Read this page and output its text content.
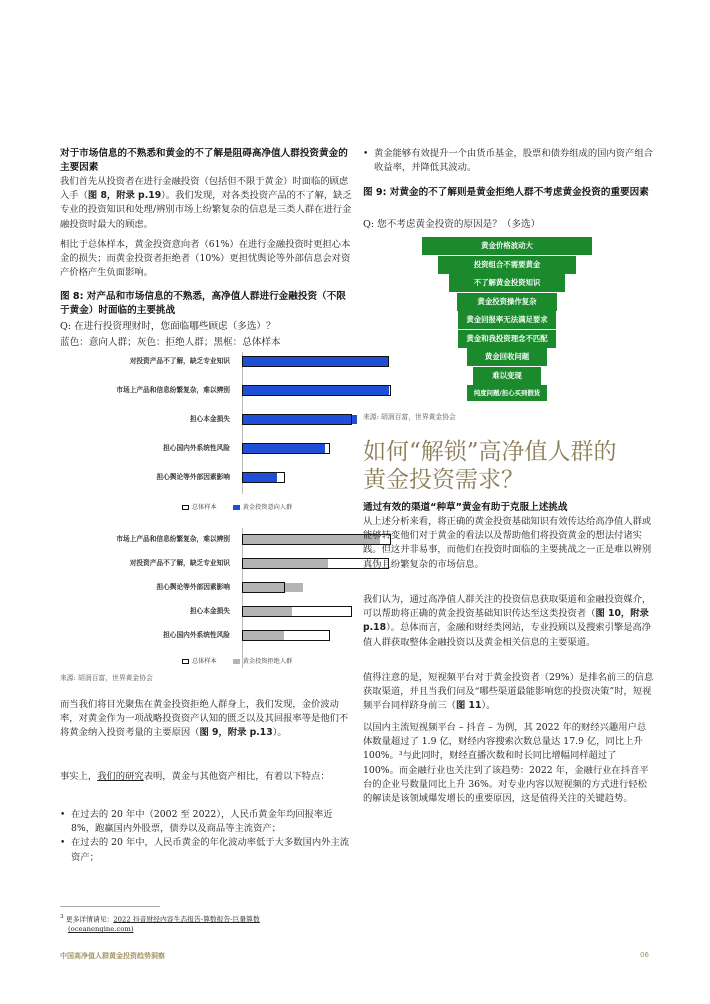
对于市场信息的不熟悉和黄金的不了解是阻碍高净值人群投资黄金的主要因素
我们首先从投资者在进行金融投资（包括但不限于黄金）时面临的顾虑入手（图 8，附录 p.19）。我们发现，对各类投资产品的不了解，缺乏专业的投资知识和处理/辨别市场上纷繁复杂的信息是三类人群在进行金融投资时最大的顾虑。
相比于总体样本，黄金投资意向者（61%）在进行金融投资时更担心本金的损失；而黄金投资者拒绝者（10%）更担忧舆论等外部信息会对资产价格产生负面影响。
图 8: 对产品和市场信息的不熟悉，高净值人群进行金融投资（不限于黄金）时面临的主要挑战
Q: 在进行投资理财时，您面临哪些顾虑（多选）？
蓝色：意向人群；灰色：拒绝人群；黑框：总体样本
对投资产品不了解，缺乏专业知识
市场上产品和信息纷繁复杂，难以辨别
担心本金损失
担心国内外系统性风险
担心舆论等外部因素影响
总体样本	黄金投资意向人群
市场上产品和信息纷繁复杂，难以辨别
对投资产品不了解，缺乏专业知识
担心舆论等外部因素影响
担心本金损失
担心国内外系统性风险
总体样本	黄金投资拒绝人群
来源: 胡润百富，世界黄金协会
而当我们将目光聚焦在黄金投资拒绝人群身上，我们发现，金价波动率，对黄金作为一项战略投资资产认知的匮乏以及其回报率等是他们不将黄金纳入投资考量的主要原因（图 9，附录 p.13）。
事实上，我们的研究表明，黄金与其他资产相比，有着以下特点：
• 在过去的 20 年中（2002 至 2022），人民币黄金年均回报率近 8%，跑赢国内外股票，债券以及商品等主流资产；
• 在过去的 20 年中，人民币黄金的年化波动率低于大多数国内外主流资产；
$^3$ 更多详情请见：2022 抖音财经内容生态报告-算数报告-巨量算数
(oceanengine.com)
• 黄金能够有效提升一个由货币基金，股票和债券组成的国内资产组合收益率，并降低其波动。
图 9: 对黄金的不了解则是黄金拒绝人群不考虑黄金投资的重要因素
Q: 您不考虑黄金投资的原因是？（多选）
黄金价格波动大
投资组合不需要黄金
不了解黄金投资知识
黄金投资操作复杂
黄金回报率无法满足要求
黄金和我投资理念不匹配
黄金回收问题
难以变现
纯度问题/担心买到假货
来源: 胡润百富，世界黄金协会
如何“解锁”高净值人群的
黄金投资需求？
通过有效的渠道“种草”黄金有助于克服上述挑战
从上述分析来看，将正确的黄金投资基础知识有效传达给高净值人群或能够转变他们对于黄金的看法以及帮助他们将投资黄金的想法付诸实践。但这并非易事，而他们在投资时面临的主要挑战之一正是难以辨别真伪且纷繁复杂的市场信息。
我们认为，通过高净值人群关注的投资信息获取渠道和金融投资媒介，可以帮助将正确的黄金投资基础知识传达至这类投资者（图 10，附录 p.18）。总体而言，金融和财经类网站，专业投顾以及搜索引擎是高净值人群获取整体金融投资以及黄金相关信息的主要渠道。
值得注意的是，短视频平台对于黄金投资者（29%）是排名前三的信息获取渠道，并且当我们问及“哪些渠道最能影响您的投资决策”时，短视频平台同样跻身前三（图 11）。
以国内主流短视频平台 – 抖音 – 为例，其 2022 年的财经兴趣用户总体数量超过了 1.9 亿，财经内容搜索次数总量达 17.9 亿，同比上升 100%。³与此同时，财经直播次数和时长同比增幅同样超过了 100%。而金融行业也关注到了该趋势：2022 年，金融行业在抖音平台的企业号数量同比上升 36%。对专业内容以短视频的方式进行轻松的解读是该领域爆发增长的重要原因，这是值得关注的关键趋势。
中国高净值人群黄金投资趋势洞察	06
